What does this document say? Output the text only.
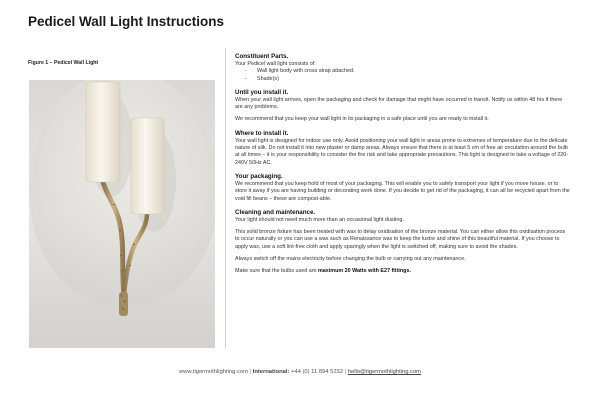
Pedicel Wall Light Instructions
Figure 1 – Pedicel Wall Light
Constituent Parts.

Your Pedicel wall light consists of:

- Wall light body with cross strap attached.
- Shade(s)
Until you install it.

When your wall light arrives, open the packaging and check for damage that might have occurred in transit. Notify us within 48 hrs if there are any problems.

We recommend that you keep your wall light in its packaging in a safe place until you are ready to install it.

Where to install it.

Your wall light is designed for indoor use only. Avoid positioning your wall light in areas prone to extremes of temperature due to the delicate nature of silk. Do not install it into new plaster or damp areas. Always ensure that there is at least 5 cm of free air circulation around the bulb at all times – it is your responsibility to consider the fire risk and take appropriate precautions. This light is designed to take a voltage of 220-240V 50Hz AC.

Your packaging.

We recommend that you keep hold of most of your packaging. This will enable you to safely transport your light if you move house, or to store it away if you are having building or decorating work done. If you decide to get rid of the packaging, it can all be recycled apart from the void fill beans – these are compost-able.

Cleaning and maintenance.

Your light should not need much more than an occasional light dusting.

This solid bronze fixture has been treated with wax to delay oxidisation of the bronze material. You can either allow this oxidisation process to occur naturally or you can use a wax such as Renaissance wax to keep the lustre and shine of this beautiful material. If you choose to apply wax, use a soft lint-free cloth and apply sparingly when the light is switched off, making sure to avoid the shades.

Always switch off the mains electricity before changing the bulb or carrying out any maintenance.

Make sure that the bulbs used are maximum 20 Watts with E27 fittings.

www.tigermothlighting.com | International: +44 (0) 11 894 5232 | hello@tigermothlighting.com
